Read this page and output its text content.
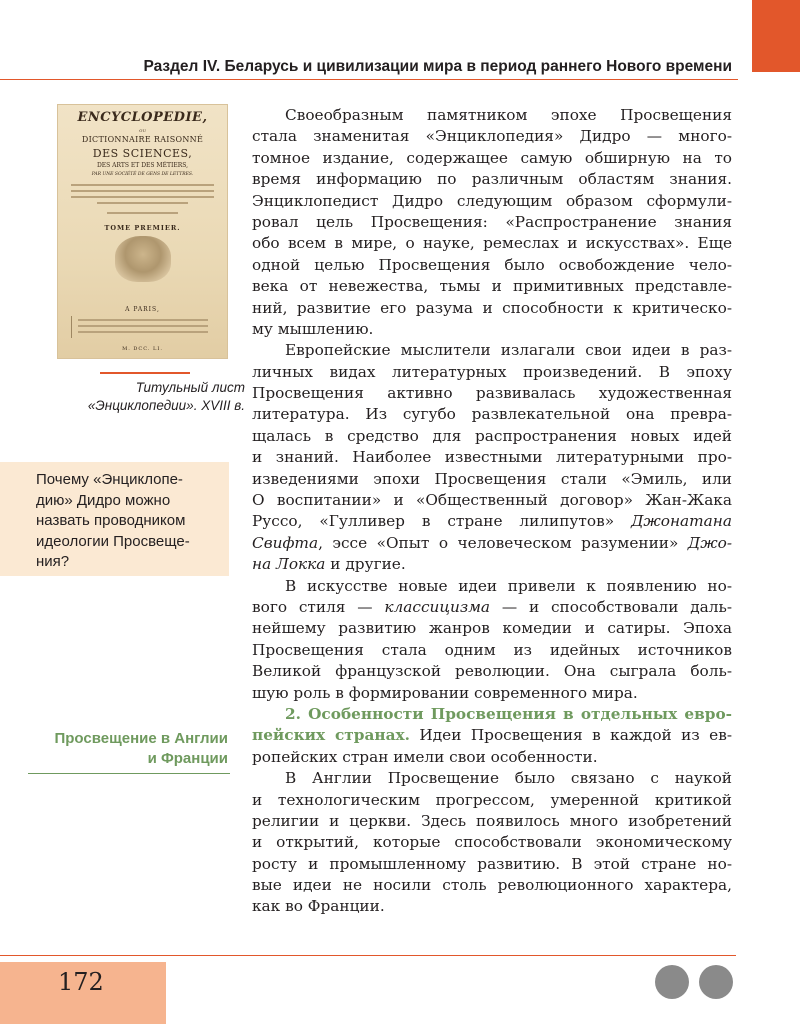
Раздел IV. Беларусь и цивилизации мира в период раннего Нового времени
ENCYCLOPEDIE,
OU
DICTIONNAIRE RAISONNÉ
DES SCIENCES,
DES ARTS ET DES MÉTIERS,
PAR UNE SOCIÉTÉ DE GENS DE LETTRES.
TOME PREMIER.
A PARIS,
M. DCC. LI.
Титульный лист
«Энциклопедии». XVIII в.
Почему «Энциклопе-
дию» Дидро можно
назвать проводником
идеологии Просвеще-
ния?
Просвещение в Англии
и Франции
Своеобразным памятником эпохе Просвещения
стала знаменитая «Энциклопедия» Дидро — много-
томное издание, содержащее самую обширную на то
время информацию по различным областям знания.
Энциклопедист Дидро следующим образом сформули-
ровал цель Просвещения: «Распространение знания
обо всем в мире, о науке, ремеслах и искусствах». Еще
одной целью Просвещения было освобождение чело-
века от невежества, тьмы и примитивных представле-
ний, развитие его разума и способности к критическо-
му мышлению.
Европейские мыслители излагали свои идеи в раз-
личных видах литературных произведений. В эпоху
Просвещения активно развивалась художественная
литература. Из сугубо развлекательной она превра-
щалась в средство для распространения новых идей
и знаний. Наиболее известными литературными про-
изведениями эпохи Просвещения стали «Эмиль, или
О воспитании» и «Общественный договор» Жан-Жака
Руссо, «Гулливер в стране лилипутов» Джонатана
Свифта, эссе «Опыт о человеческом разумении» Джо-
на Локка и другие.
В искусстве новые идеи привели к появлению но-
вого стиля — классицизма — и способствовали даль-
нейшему развитию жанров комедии и сатиры. Эпоха
Просвещения стала одним из идейных источников
Великой французской революции. Она сыграла боль-
шую роль в формировании современного мира.
2. Особенности Просвещения в отдельных евро-
пейских странах. Идеи Просвещения в каждой из ев-
ропейских стран имели свои особенности.
В Англии Просвещение было связано с наукой
и технологическим прогрессом, умеренной критикой
религии и церкви. Здесь появилось много изобретений
и открытий, которые способствовали экономическому
росту и промышленному развитию. В этой стране но-
вые идеи не носили столь революционного характера,
как во Франции.
172
